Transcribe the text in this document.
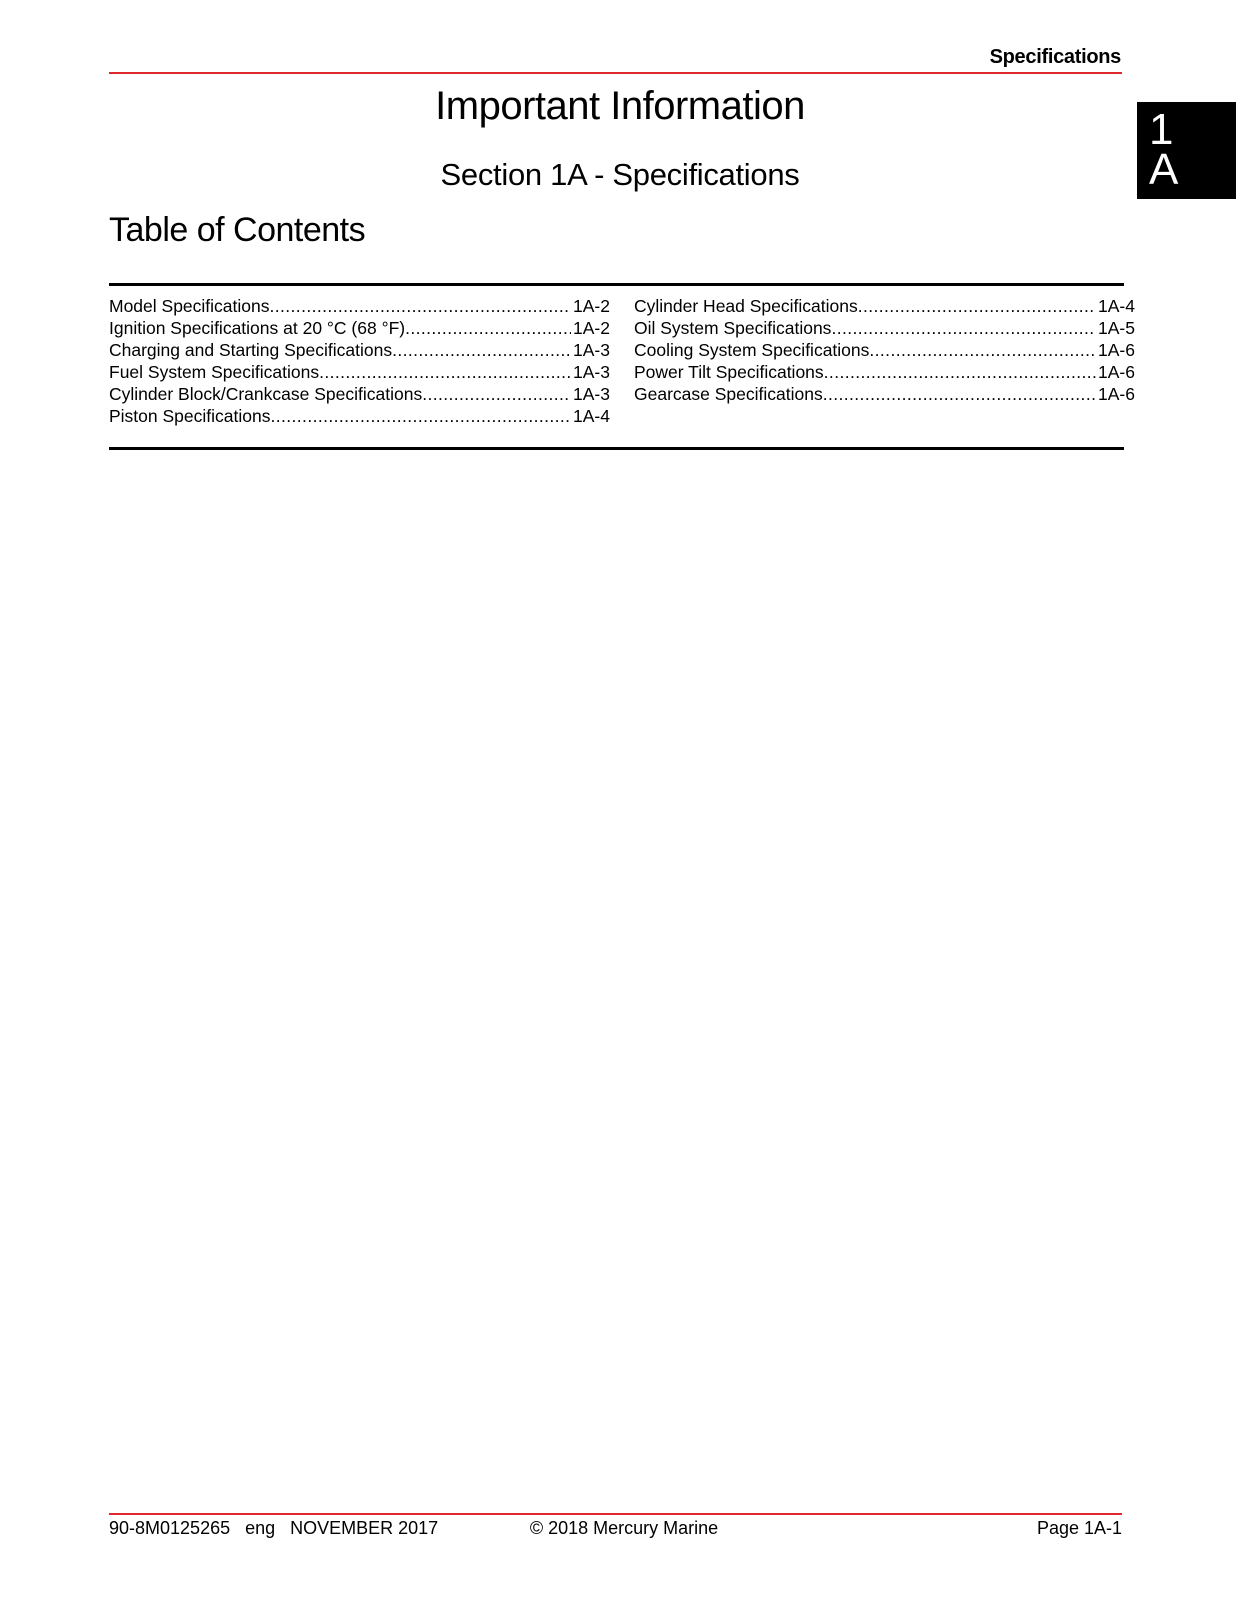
Specifications
1
A
Important Information
Section 1A - Specifications
Table of Contents
Model Specifications .....	1A-2
Ignition Specifications at 20 °C (68 °F) .....	1A-2
Charging and Starting Specifications .....	1A-3
Fuel System Specifications .....	1A-3
Cylinder Block/Crankcase Specifications .....	1A-3
Piston Specifications .....	1A-4
Cylinder Head Specifications .....	1A-4
Oil System Specifications .....	1A-5
Cooling System Specifications .....	1A-6
Power Tilt Specifications .....	1A-6
Gearcase Specifications .....	1A-6
90-8M0125265   eng   NOVEMBER 2017	© 2018 Mercury Marine	Page 1A-1
